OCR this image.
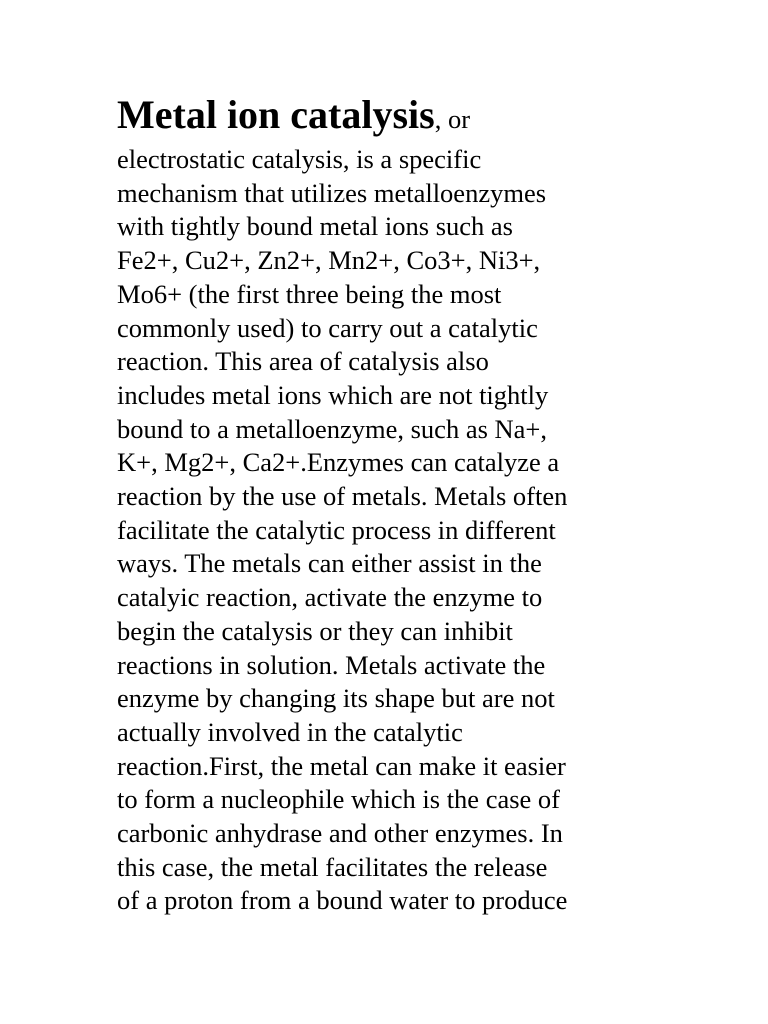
Metal ion catalysis, or
electrostatic catalysis, is a specific
mechanism that utilizes metalloenzymes
with tightly bound metal ions such as
Fe2+, Cu2+, Zn2+, Mn2+, Co3+, Ni3+,
Mo6+ (the first three being the most
commonly used) to carry out a catalytic
reaction. This area of catalysis also
includes metal ions which are not tightly
bound to a metalloenzyme, such as Na+,
K+, Mg2+, Ca2+.Enzymes can catalyze a
reaction by the use of metals. Metals often
facilitate the catalytic process in different
ways. The metals can either assist in the
catalyic reaction, activate the enzyme to
begin the catalysis or they can inhibit
reactions in solution. Metals activate the
enzyme by changing its shape but are not
actually involved in the catalytic
reaction.First, the metal can make it easier
to form a nucleophile which is the case of
carbonic anhydrase and other enzymes. In
this case, the metal facilitates the release
of a proton from a bound water to produce
